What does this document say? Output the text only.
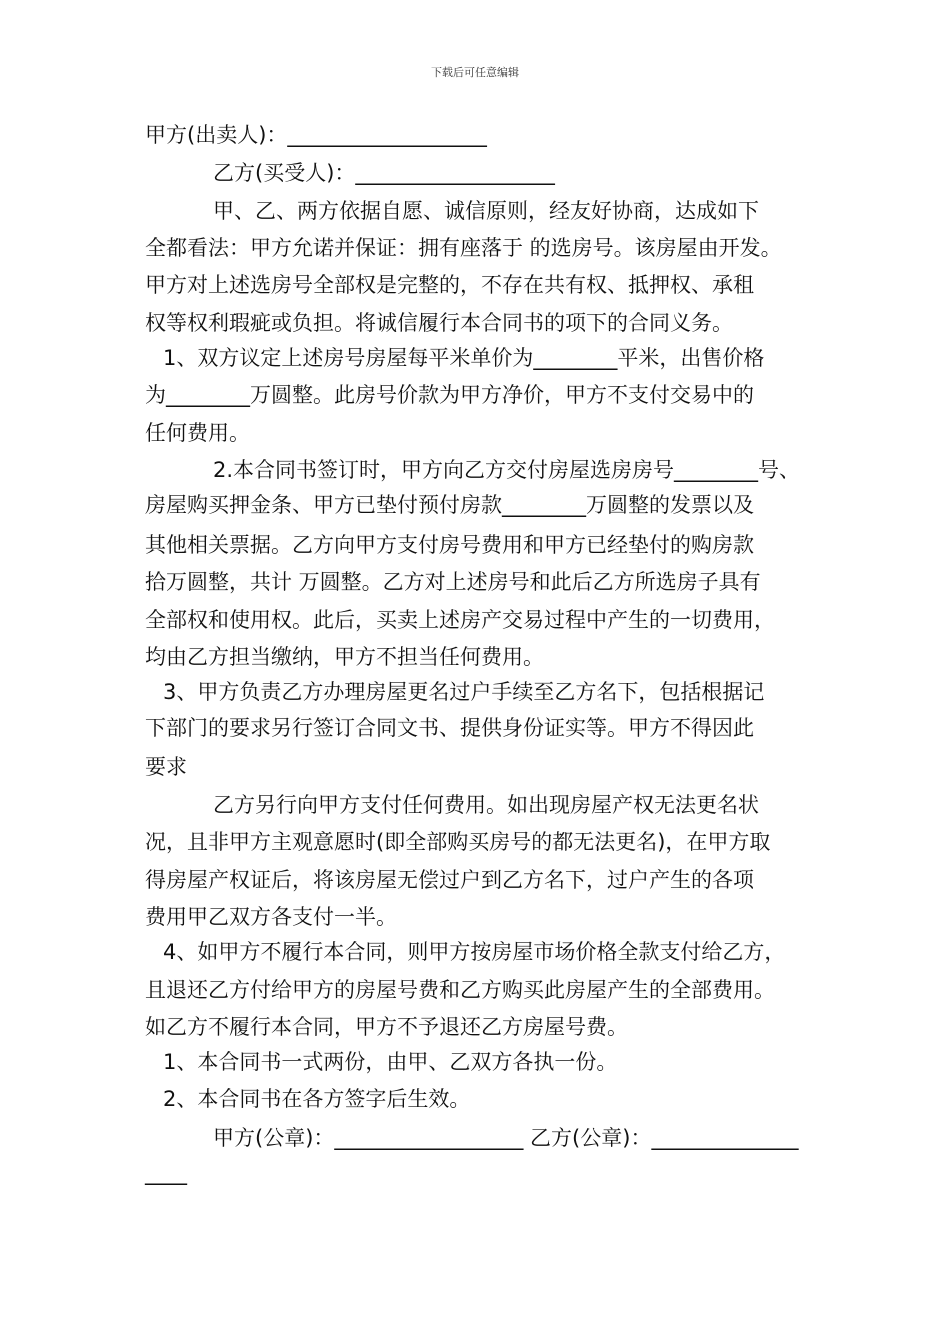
下载后可任意编辑
甲方(出卖人)：___________________
乙方(买受人)：___________________
甲、乙、两方依据自愿、诚信原则，经友好协商，达成如下
全都看法：甲方允诺并保证：拥有座落于 的选房号。该房屋由开发。
甲方对上述选房号全部权是完整的，不存在共有权、抵押权、承租
权等权利瑕疵或负担。将诚信履行本合同书的项下的合同义务。
1、双方议定上述房号房屋每平米单价为________平米，出售价格
为________万圆整。此房号价款为甲方净价，甲方不支付交易中的
任何费用。
2.本合同书签订时，甲方向乙方交付房屋选房房号________号、
房屋购买押金条、甲方已垫付预付房款________万圆整的发票以及
其他相关票据。乙方向甲方支付房号费用和甲方已经垫付的购房款
拾万圆整，共计 万圆整。乙方对上述房号和此后乙方所选房子具有
全部权和使用权。此后，买卖上述房产交易过程中产生的一切费用，
均由乙方担当缴纳，甲方不担当任何费用。
3、甲方负责乙方办理房屋更名过户手续至乙方名下，包括根据记
下部门的要求另行签订合同文书、提供身份证实等。甲方不得因此
要求
乙方另行向甲方支付任何费用。如出现房屋产权无法更名状
况，且非甲方主观意愿时(即全部购买房号的都无法更名)，在甲方取
得房屋产权证后，将该房屋无偿过户到乙方名下，过户产生的各项
费用甲乙双方各支付一半。
4、如甲方不履行本合同，则甲方按房屋市场价格全款支付给乙方，
且退还乙方付给甲方的房屋号费和乙方购买此房屋产生的全部费用。
如乙方不履行本合同，甲方不予退还乙方房屋号费。
1、本合同书一式两份，由甲、乙双方各执一份。
2、本合同书在各方签字后生效。
甲方(公章)：__________________ 乙方(公章)：______________
____
